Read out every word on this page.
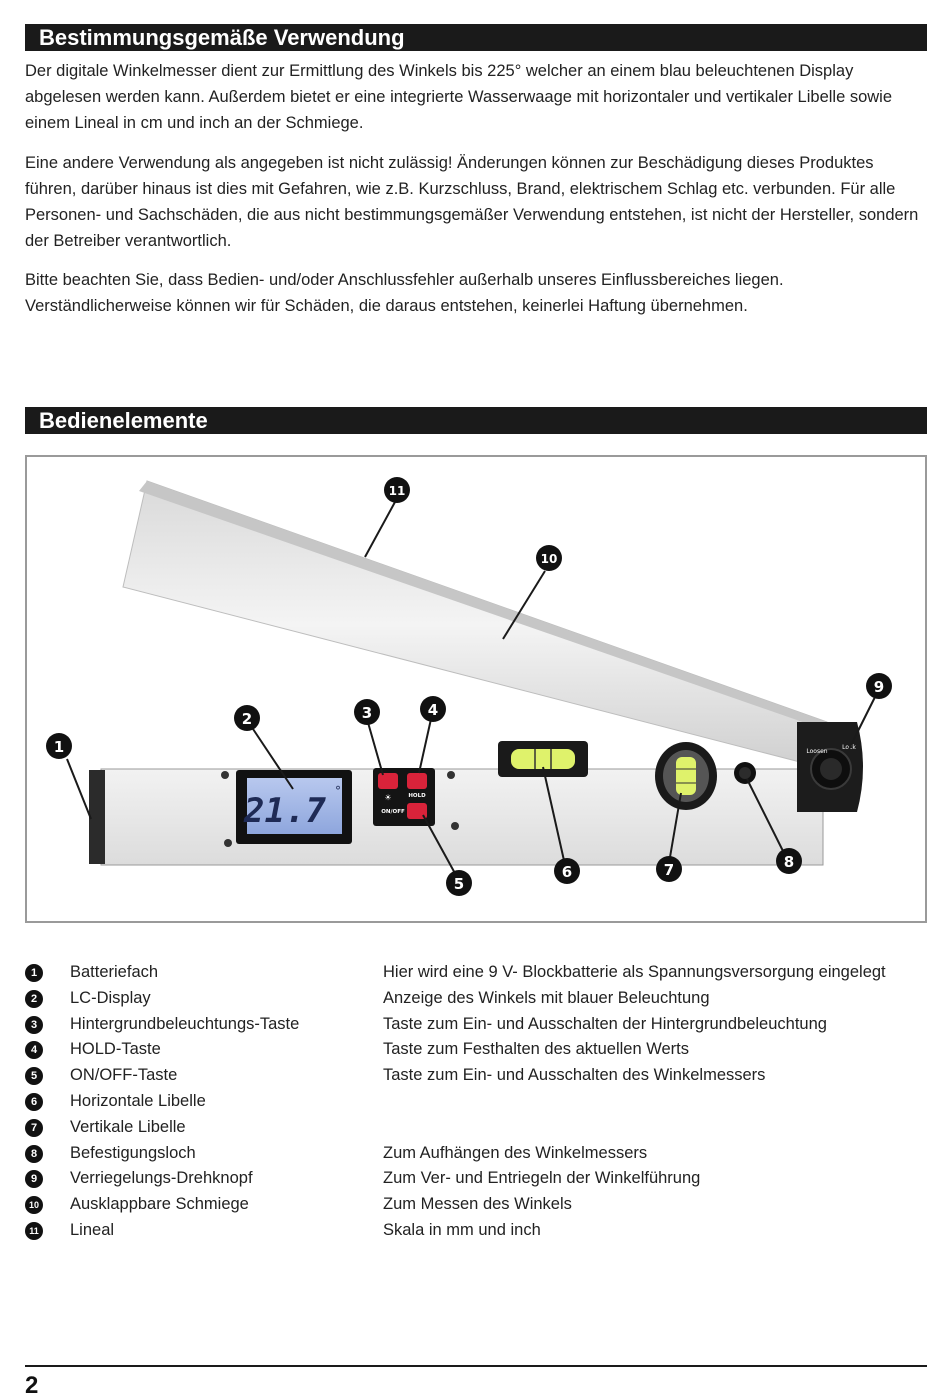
Bestimmungsgemäße Verwendung

Der digitale Winkelmesser dient zur Ermittlung des Winkels bis 225° welcher an einem blau beleuchtenen Display abgelesen werden kann. Außerdem bietet er eine integrierte Wasserwaage mit horizontaler und vertikaler Libelle sowie einem Lineal in cm und inch an der Schmiege.

Eine andere Verwendung als angegeben ist nicht zulässig! Änderungen können zur Beschädigung dieses Produktes führen, darüber hinaus ist dies mit Gefahren, wie z.B. Kurzschluss, Brand, elektrischem Schlag etc. verbunden. Für alle Personen- und Sachschäden, die aus nicht bestimmungsgemäßer Verwendung entstehen, ist nicht der Hersteller, sondern der Betreiber verantwortlich.

Bitte beachten Sie, dass Bedien- und/oder Anschlussfehler außerhalb unseres Einflussbereiches liegen. Verständlicherweise können wir für Schäden, die daraus entstehen, keinerlei Haftung übernehmen.

Bedienelemente
21.7 °	HOLD
ON/OFF
☀
Loosen
Lock
1
2	3	4
5
6	7	8
9
10
11
1	Batteriefach	Hier wird eine 9 V- Blockbatterie als Spannungsversorgung eingelegt
2	LC-Display	Anzeige des Winkels mit blauer Beleuchtung
3	Hintergrundbeleuchtungs-Taste	Taste zum Ein- und Ausschalten der Hintergrundbeleuchtung
4	HOLD-Taste	Taste zum Festhalten des aktuellen Werts
5	ON/OFF-Taste	Taste zum Ein- und Ausschalten des Winkelmessers
6	Horizontale Libelle
7	Vertikale Libelle
8	Befestigungsloch	Zum Aufhängen des Winkelmessers
9	Verriegelungs-Drehknopf	Zum Ver- und Entriegeln der Winkelführung
10 Ausklappbare Schmiege	Zum Messen des Winkels
11 Lineal	Skala in mm und inch
2
